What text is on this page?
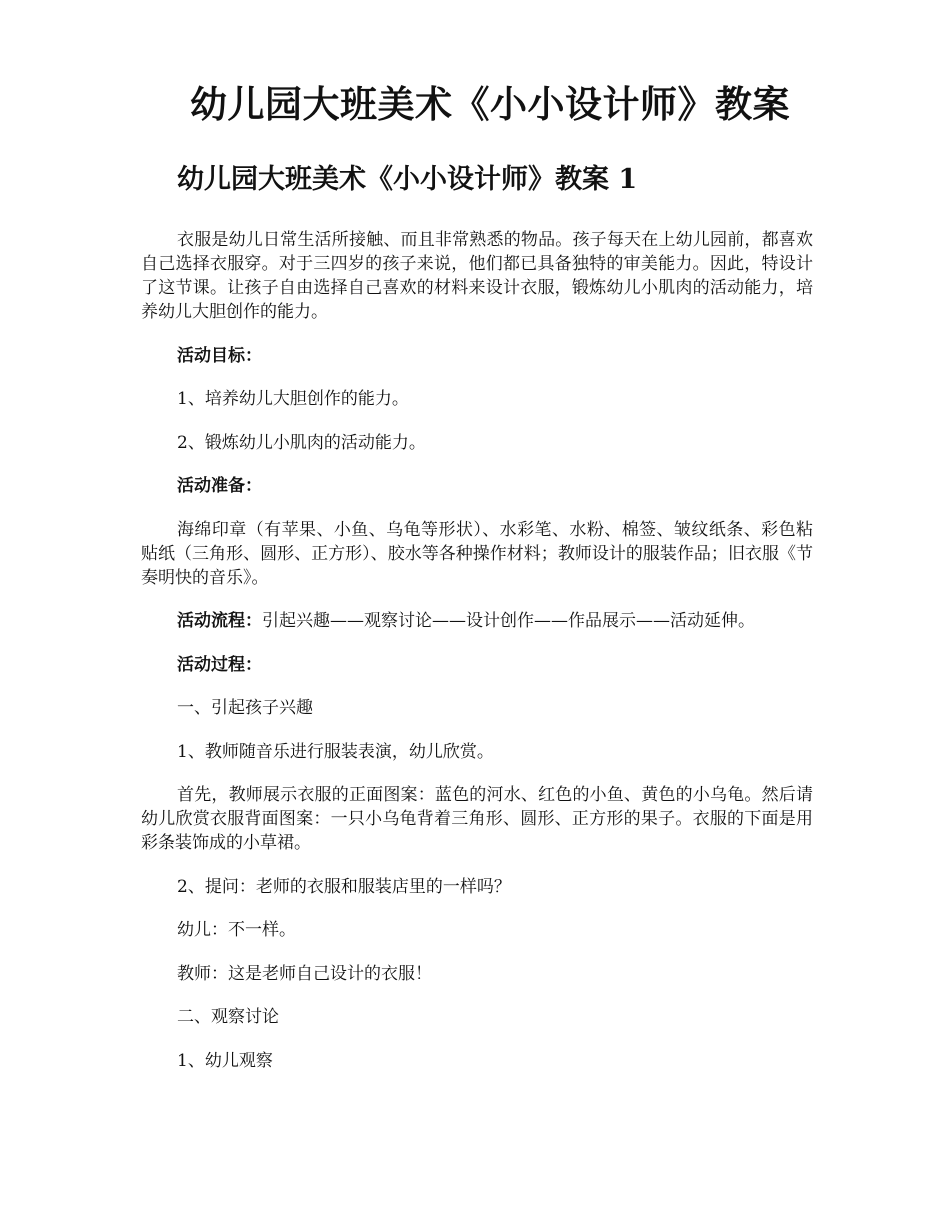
幼儿园大班美术《小小设计师》教案
幼儿园大班美术《小小设计师》教案 1

衣服是幼儿日常生活所接触、而且非常熟悉的物品。孩子每天在上幼儿园前，都喜欢自己选择衣服穿。对于三四岁的孩子来说，他们都已具备独特的审美能力。因此，特设计了这节课。让孩子自由选择自己喜欢的材料来设计衣服，锻炼幼儿小肌肉的活动能力，培养幼儿大胆创作的能力。

活动目标：

1、培养幼儿大胆创作的能力。

2、锻炼幼儿小肌肉的活动能力。

活动准备：

海绵印章（有苹果、小鱼、乌龟等形状）、水彩笔、水粉、棉签、皱纹纸条、彩色粘贴纸（三角形、圆形、正方形）、胶水等各种操作材料；教师设计的服装作品；旧衣服《节奏明快的音乐》。

活动流程：引起兴趣——观察讨论——设计创作——作品展示——活动延伸。

活动过程：

一、引起孩子兴趣

1、教师随音乐进行服装表演，幼儿欣赏。

首先，教师展示衣服的正面图案：蓝色的河水、红色的小鱼、黄色的小乌龟。然后请幼儿欣赏衣服背面图案：一只小乌龟背着三角形、圆形、正方形的果子。衣服的下面是用彩条装饰成的小草裙。

2、提问：老师的衣服和服装店里的一样吗？

幼儿：不一样。

教师：这是老师自己设计的衣服！

二、观察讨论

1、幼儿观察
